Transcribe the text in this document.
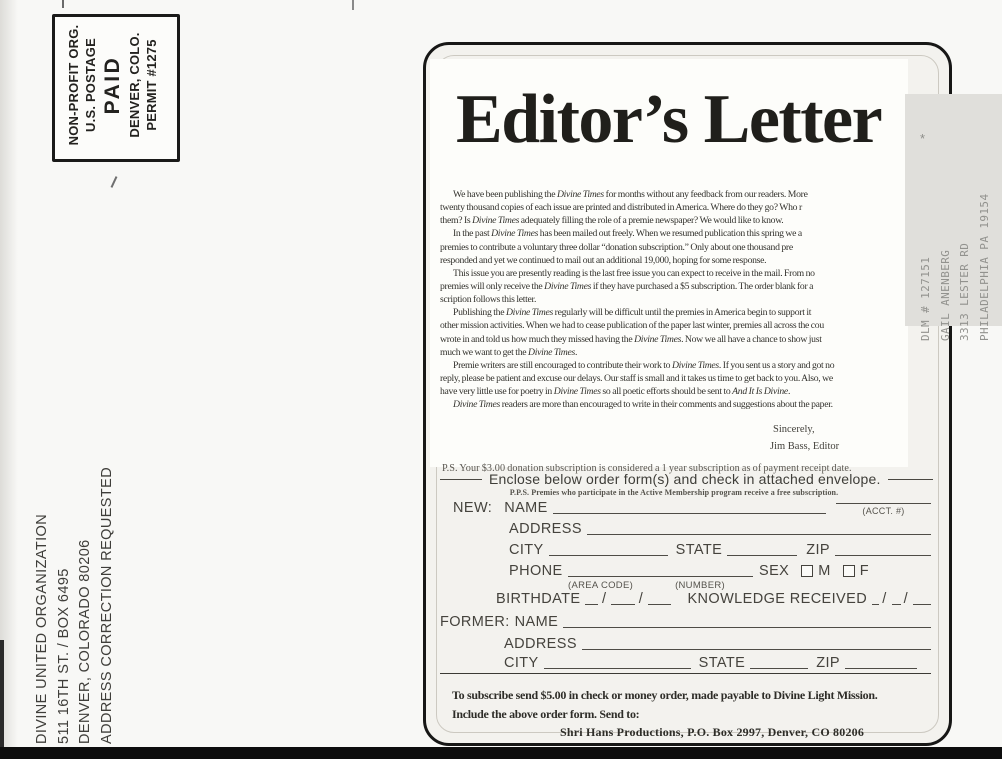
NON-PROFIT ORG. U.S. POSTAGE PAID DENVER, COLO. PERMIT #1275
DIVINE UNITED ORGANIZATION 511 16TH ST. / BOX 6495 DENVER, COLORADO 80206 ADDRESS CORRECTION REQUESTED
Editor’s Letter
We have been publishing the Divine Times for months without any feedback from our readers. More
twenty thousand copies of each issue are printed and distributed in America. Where do they go? Who r
them? Is Divine Times adequately filling the role of a premie newspaper? We would like to know.
In the past Divine Times has been mailed out freely. When we resumed publication this spring we a
premies to contribute a voluntary three dollar “donation subscription.” Only about one thousand pre
responded and yet we continued to mail out an additional 19,000, hoping for some response.
This issue you are presently reading is the last free issue you can expect to receive in the mail. From no
premies will only receive the Divine Times if they have purchased a $5 subscription. The order blank for a
scription follows this letter.
Publishing the Divine Times regularly will be difficult until the premies in America begin to support it
other mission activities. When we had to cease publication of the paper last winter, premies all across the cou
wrote in and told us how much they missed having the Divine Times. Now we all have a chance to show just
much we want to get the Divine Times.
Premie writers are still encouraged to contribute their work to Divine Times. If you sent us a story and got no
reply, please be patient and excuse our delays. Our staff is small and it takes us time to get back to you. Also, we
have very little use for poetry in Divine Times so all poetic efforts should be sent to And It Is Divine.
Divine Times readers are more than encouraged to write in their comments and suggestions about the paper.
Sincerely,
Jim Bass, Editor
P.S. Your $3.00 donation subscription is considered a 1 year subscription as of payment receipt date.
P.P.S. Premies who participate in the Active Membership program receive a free subscription.
Enclose below order form(s) and check in attached envelope.
NEW: NAME	(ACCT. #)
ADDRESS
CITY	STATE	ZIP
PHONE	SEX M F
(AREA CODE)	(NUMBER)
BIRTHDATE / /	KNOWLEDGE RECEIVED / /
FORMER: NAME
ADDRESS
CITY	STATE	ZIP
To subscribe send $5.00 in check or money order, made payable to Divine Light Mission.
Include the above order form. Send to:
Shri Hans Productions, P.O. Box 2997, Denver, CO 80206
*
DLM # 127151 GAIL ANENBERG 3313 LESTER RD PHILADELPHIA PA 19154
